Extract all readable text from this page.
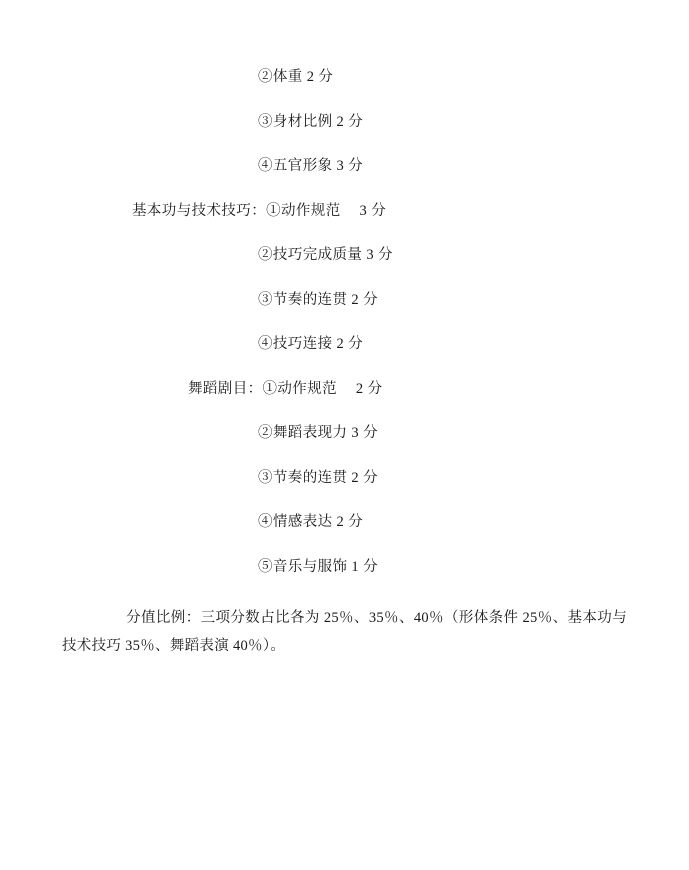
②体重 2 分
③身材比例 2 分
④五官形象 3 分
基本功与技术技巧：①动作规范　 3 分
②技巧完成质量 3 分
③节奏的连贯 2 分
④技巧连接 2 分
舞蹈剧目：①动作规范　 2 分
②舞蹈表现力 3 分
③节奏的连贯 2 分
④情感表达 2 分
⑤音乐与服饰 1 分

分值比例：三项分数占比各为 25％、35％、40％（形体条件 25％、基本功与技术技巧 35％、舞蹈表演 40％）。
